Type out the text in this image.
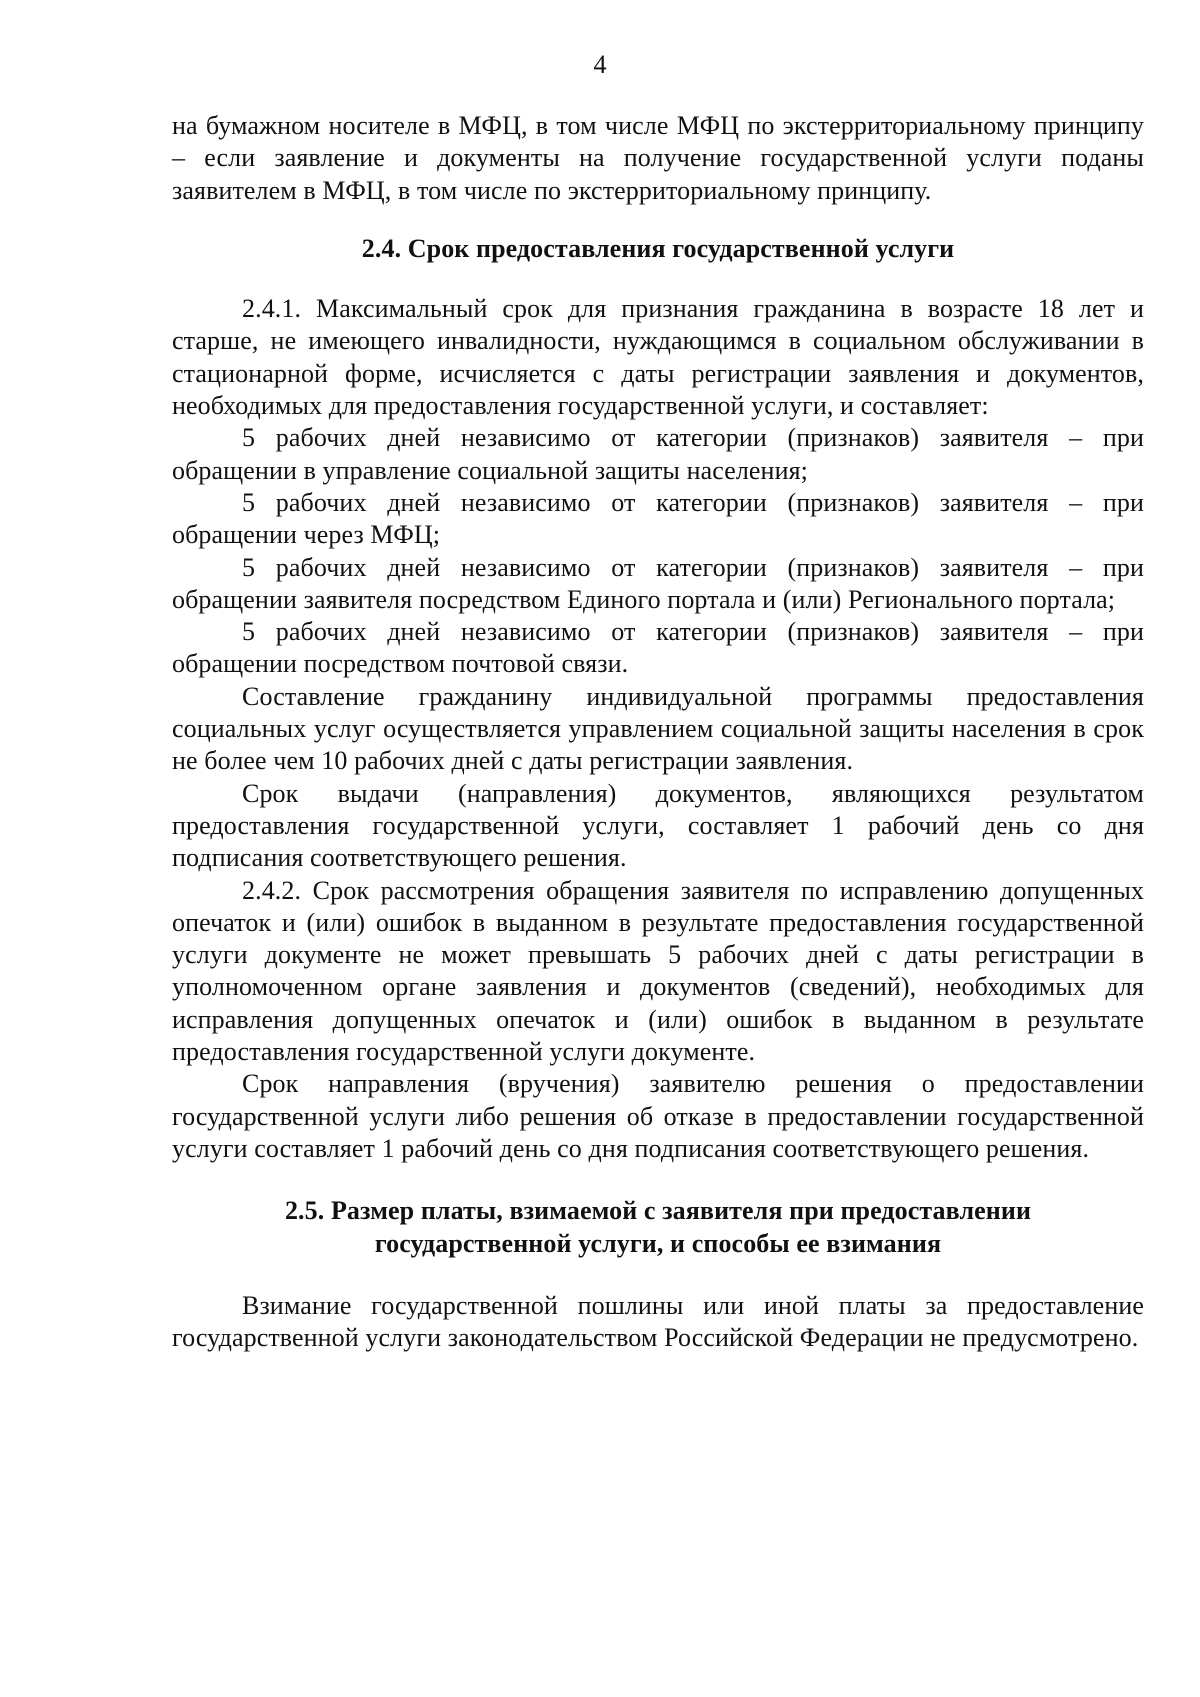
4

на бумажном носителе в МФЦ, в том числе МФЦ по экстерриториальному принципу – если заявление и документы на получение государственной услуги поданы заявителем в МФЦ, в том числе по экстерриториальному принципу.

2.4. Срок предоставления государственной услуги

2.4.1. Максимальный срок для признания гражданина в возрасте 18 лет и старше, не имеющего инвалидности, нуждающимся в социальном обслуживании в стационарной форме, исчисляется с даты регистрации заявления и документов, необходимых для предоставления государственной услуги, и составляет:

5 рабочих дней независимо от категории (признаков) заявителя – при обращении в управление социальной защиты населения;

5 рабочих дней независимо от категории (признаков) заявителя – при обращении через МФЦ;

5 рабочих дней независимо от категории (признаков) заявителя – при обращении заявителя посредством Единого портала и (или) Регионального портала;

5 рабочих дней независимо от категории (признаков) заявителя – при обращении посредством почтовой связи.

Составление гражданину индивидуальной программы предоставления социальных услуг осуществляется управлением социальной защиты населения в срок не более чем 10 рабочих дней с даты регистрации заявления.

Срок выдачи (направления) документов, являющихся результатом предоставления государственной услуги, составляет 1 рабочий день со дня подписания соответствующего решения.

2.4.2. Срок рассмотрения обращения заявителя по исправлению допущенных опечаток и (или) ошибок в выданном в результате предоставления государственной услуги документе не может превышать 5 рабочих дней с даты регистрации в уполномоченном органе заявления и документов (сведений), необходимых для исправления допущенных опечаток и (или) ошибок в выданном в результате предоставления государственной услуги документе.

Срок направления (вручения) заявителю решения о предоставлении государственной услуги либо решения об отказе в предоставлении государственной услуги составляет 1 рабочий день со дня подписания соответствующего решения.

2.5. Размер платы, взимаемой с заявителя при предоставлении
государственной услуги, и способы ее взимания

Взимание государственной пошлины или иной платы за предоставление государственной услуги законодательством Российской Федерации не предусмотрено.
